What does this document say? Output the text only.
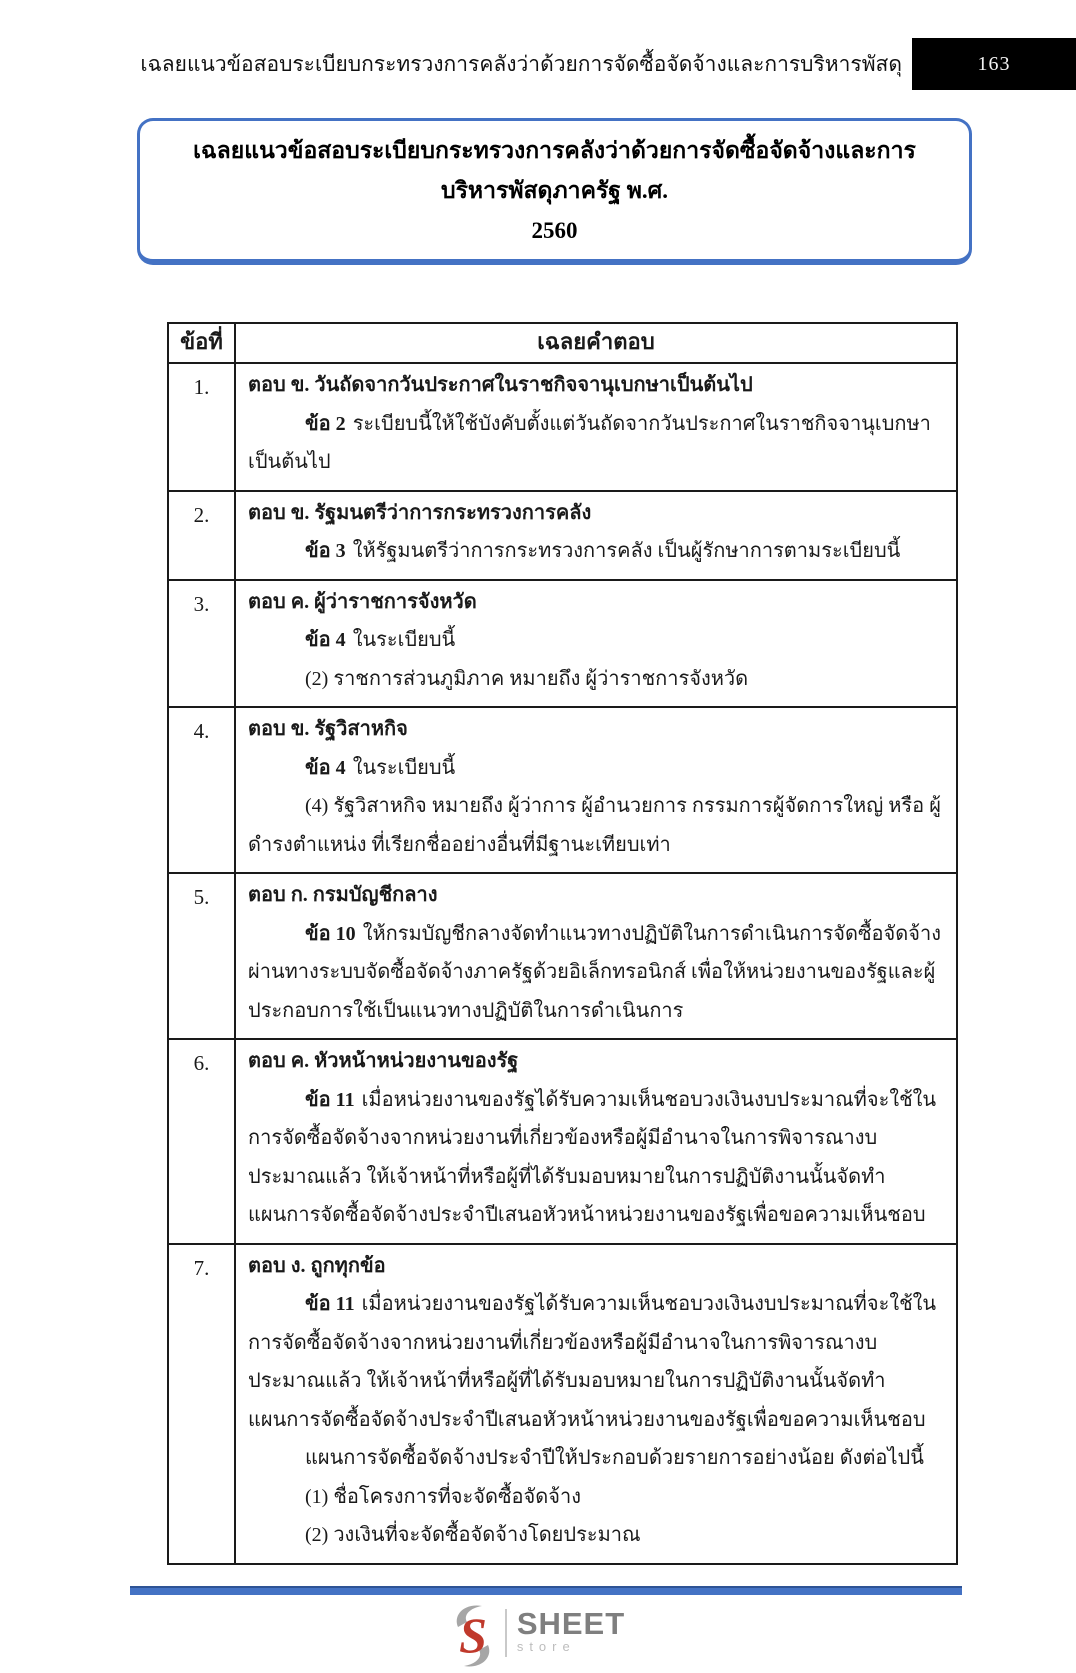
เฉลยแนวข้อสอบระเบียบกระทรวงการคลังว่าด้วยการจัดซื้อจัดจ้างและการบริหารพัสดุ	163
เฉลยแนวข้อสอบระเบียบกระทรวงการคลังว่าด้วยการจัดซื้อจัดจ้างและการบริหารพัสดุภาครัฐ พ.ศ.
2560
ข้อที่	เฉลยคำตอบ
1.	ตอบ ข. วันถัดจากวันประกาศในราชกิจจานุเบกษาเป็นต้นไป

ข้อ 2 ระเบียบนี้ให้ใช้บังคับตั้งแต่วันถัดจากวันประกาศในราชกิจจานุเบกษาเป็นต้นไป

2.	ตอบ ข. รัฐมนตรีว่าการกระทรวงการคลัง

ข้อ 3 ให้รัฐมนตรีว่าการกระทรวงการคลัง เป็นผู้รักษาการตามระเบียบนี้

3.	ตอบ ค. ผู้ว่าราชการจังหวัด

ข้อ 4 ในระเบียบนี้

(2) ราชการส่วนภูมิภาค หมายถึง ผู้ว่าราชการจังหวัด

4.	ตอบ ข. รัฐวิสาหกิจ

ข้อ 4 ในระเบียบนี้

(4) รัฐวิสาหกิจ หมายถึง ผู้ว่าการ ผู้อำนวยการ กรรมการผู้จัดการใหญ่ หรือ ผู้ดำรงตำแหน่ง ที่เรียกชื่ออย่างอื่นที่มีฐานะเทียบเท่า

5.	ตอบ ก. กรมบัญชีกลาง

ข้อ 10 ให้กรมบัญชีกลางจัดทำแนวทางปฏิบัติในการดำเนินการจัดซื้อจัดจ้างผ่านทางระบบจัดซื้อจัดจ้างภาครัฐด้วยอิเล็กทรอนิกส์ เพื่อให้หน่วยงานของรัฐและผู้ประกอบการใช้เป็นแนวทางปฏิบัติในการดำเนินการ

6.	ตอบ ค. หัวหน้าหน่วยงานของรัฐ

ข้อ 11 เมื่อหน่วยงานของรัฐได้รับความเห็นชอบวงเงินงบประมาณที่จะใช้ในการจัดซื้อจัดจ้างจากหน่วยงานที่เกี่ยวข้องหรือผู้มีอำนาจในการพิจารณางบประมาณแล้ว ให้เจ้าหน้าที่หรือผู้ที่ได้รับมอบหมายในการปฏิบัติงานนั้นจัดทำแผนการจัดซื้อจัดจ้างประจำปีเสนอหัวหน้าหน่วยงานของรัฐเพื่อขอความเห็นชอบ

7.	ตอบ ง. ถูกทุกข้อ

ข้อ 11 เมื่อหน่วยงานของรัฐได้รับความเห็นชอบวงเงินงบประมาณที่จะใช้ในการจัดซื้อจัดจ้างจากหน่วยงานที่เกี่ยวข้องหรือผู้มีอำนาจในการพิจารณางบประมาณแล้ว ให้เจ้าหน้าที่หรือผู้ที่ได้รับมอบหมายในการปฏิบัติงานนั้นจัดทำแผนการจัดซื้อจัดจ้างประจำปีเสนอหัวหน้าหน่วยงานของรัฐเพื่อขอความเห็นชอบ

แผนการจัดซื้อจัดจ้างประจำปีให้ประกอบด้วยรายการอย่างน้อย ดังต่อไปนี้

(1) ชื่อโครงการที่จะจัดซื้อจัดจ้าง

(2) วงเงินที่จะจัดซื้อจัดจ้างโดยประมาณ

S SHEET
store
